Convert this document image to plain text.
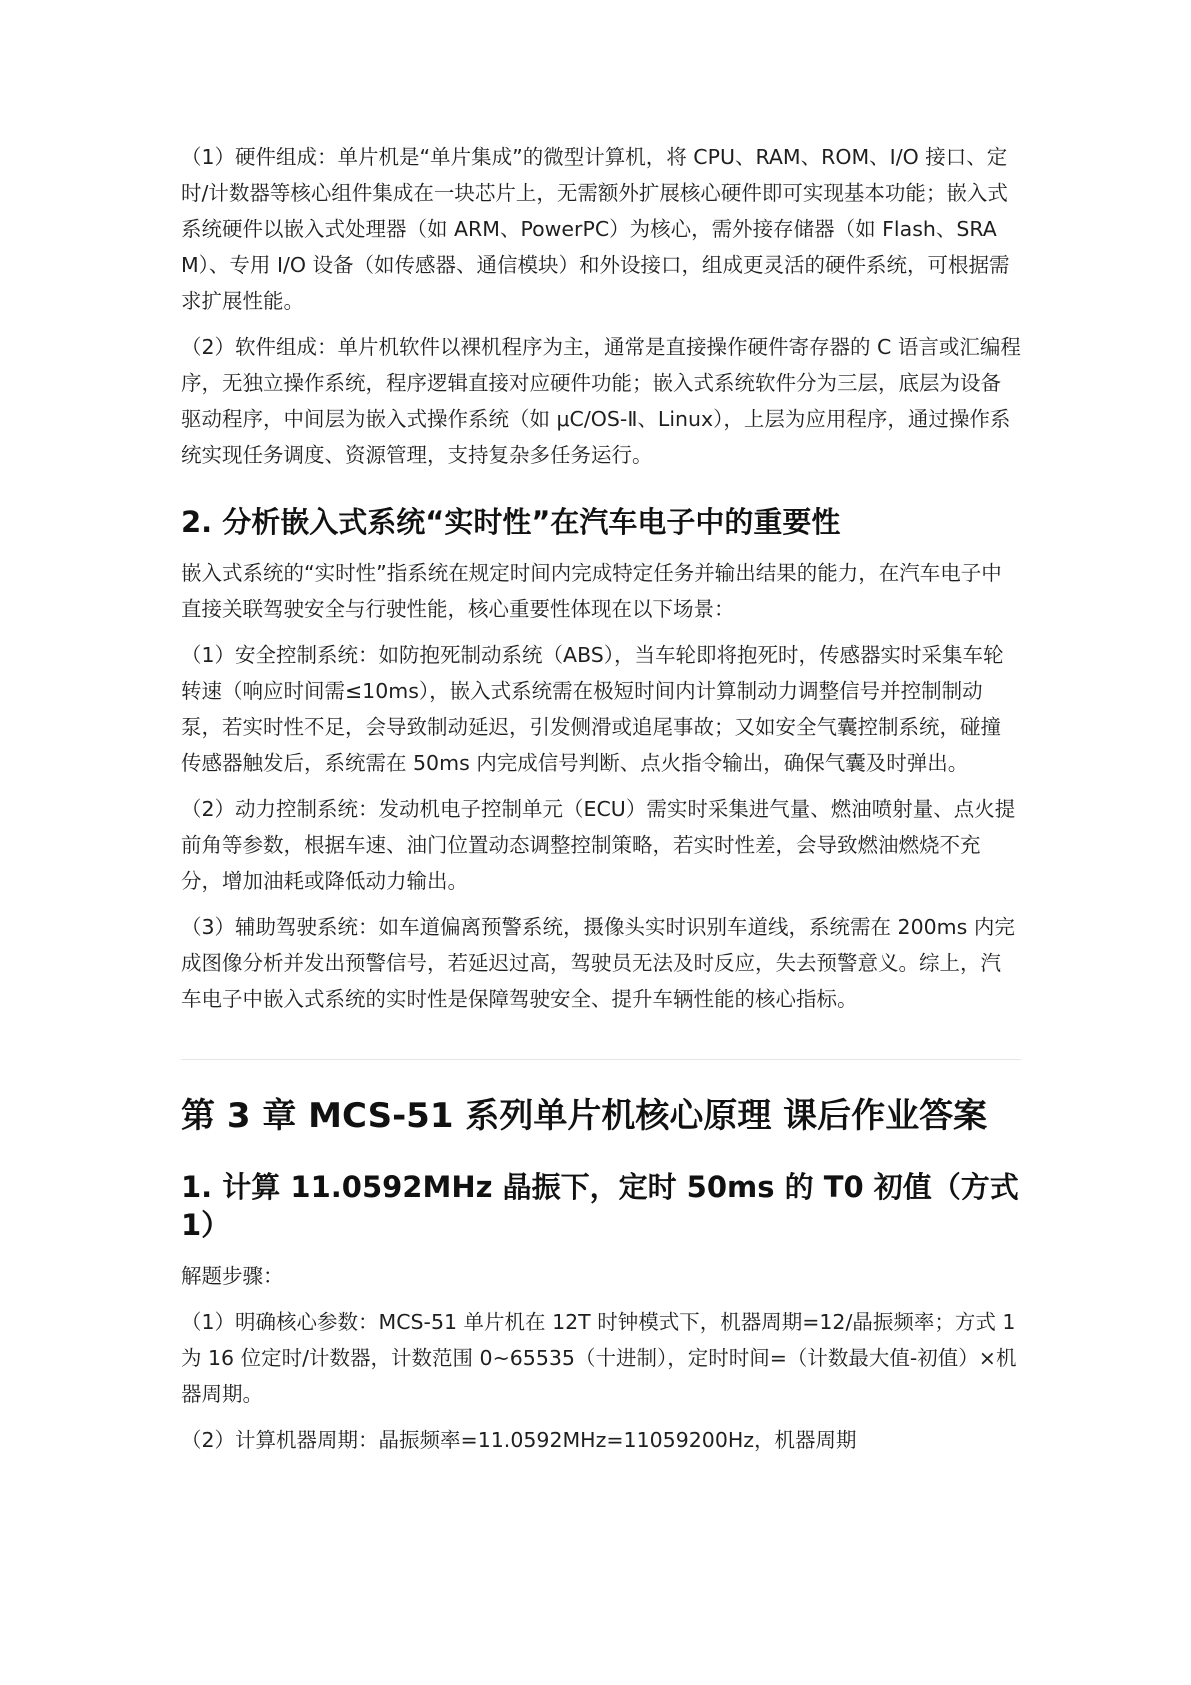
（1）硬件组成：单片机是“单片集成”的微型计算机，将 CPU、RAM、ROM、I/O 接口、定时/计数器等核心组件集成在一块芯片上，无需额外扩展核心硬件即可实现基本功能；嵌入式系统硬件以嵌入式处理器（如 ARM、PowerPC）为核心，需外接存储器（如 Flash、SRAM）、专用 I/O 设备（如传感器、通信模块）和外设接口，组成更灵活的硬件系统，可根据需求扩展性能。

（2）软件组成：单片机软件以裸机程序为主，通常是直接操作硬件寄存器的 C 语言或汇编程序，无独立操作系统，程序逻辑直接对应硬件功能；嵌入式系统软件分为三层，底层为设备驱动程序，中间层为嵌入式操作系统（如 μC/OS-Ⅱ、Linux），上层为应用程序，通过操作系统实现任务调度、资源管理，支持复杂多任务运行。

2. 分析嵌入式系统“实时性”在汽车电子中的重要性

嵌入式系统的“实时性”指系统在规定时间内完成特定任务并输出结果的能力，在汽车电子中直接关联驾驶安全与行驶性能，核心重要性体现在以下场景：

（1）安全控制系统：如防抱死制动系统（ABS），当车轮即将抱死时，传感器实时采集车轮转速（响应时间需≤10ms），嵌入式系统需在极短时间内计算制动力调整信号并控制制动泵，若实时性不足，会导致制动延迟，引发侧滑或追尾事故；又如安全气囊控制系统，碰撞传感器触发后，系统需在 50ms 内完成信号判断、点火指令输出，确保气囊及时弹出。

（2）动力控制系统：发动机电子控制单元（ECU）需实时采集进气量、燃油喷射量、点火提前角等参数，根据车速、油门位置动态调整控制策略，若实时性差，会导致燃油燃烧不充分，增加油耗或降低动力输出。

（3）辅助驾驶系统：如车道偏离预警系统，摄像头实时识别车道线，系统需在 200ms 内完成图像分析并发出预警信号，若延迟过高，驾驶员无法及时反应，失去预警意义。综上，汽车电子中嵌入式系统的实时性是保障驾驶安全、提升车辆性能的核心指标。

第 3 章 MCS-51 系列单片机核心原理 课后作业答案
1. 计算 11.0592MHz 晶振下，定时 50ms 的 T0 初值（方式 1）

解题步骤：

（1）明确核心参数：MCS-51 单片机在 12T 时钟模式下，机器周期=12/晶振频率；方式 1 为 16 位定时/计数器，计数范围 0~65535（十进制），定时时间=（计数最大值-初值）×机器周期。

（2）计算机器周期：晶振频率=11.0592MHz=11059200Hz，机器周期
